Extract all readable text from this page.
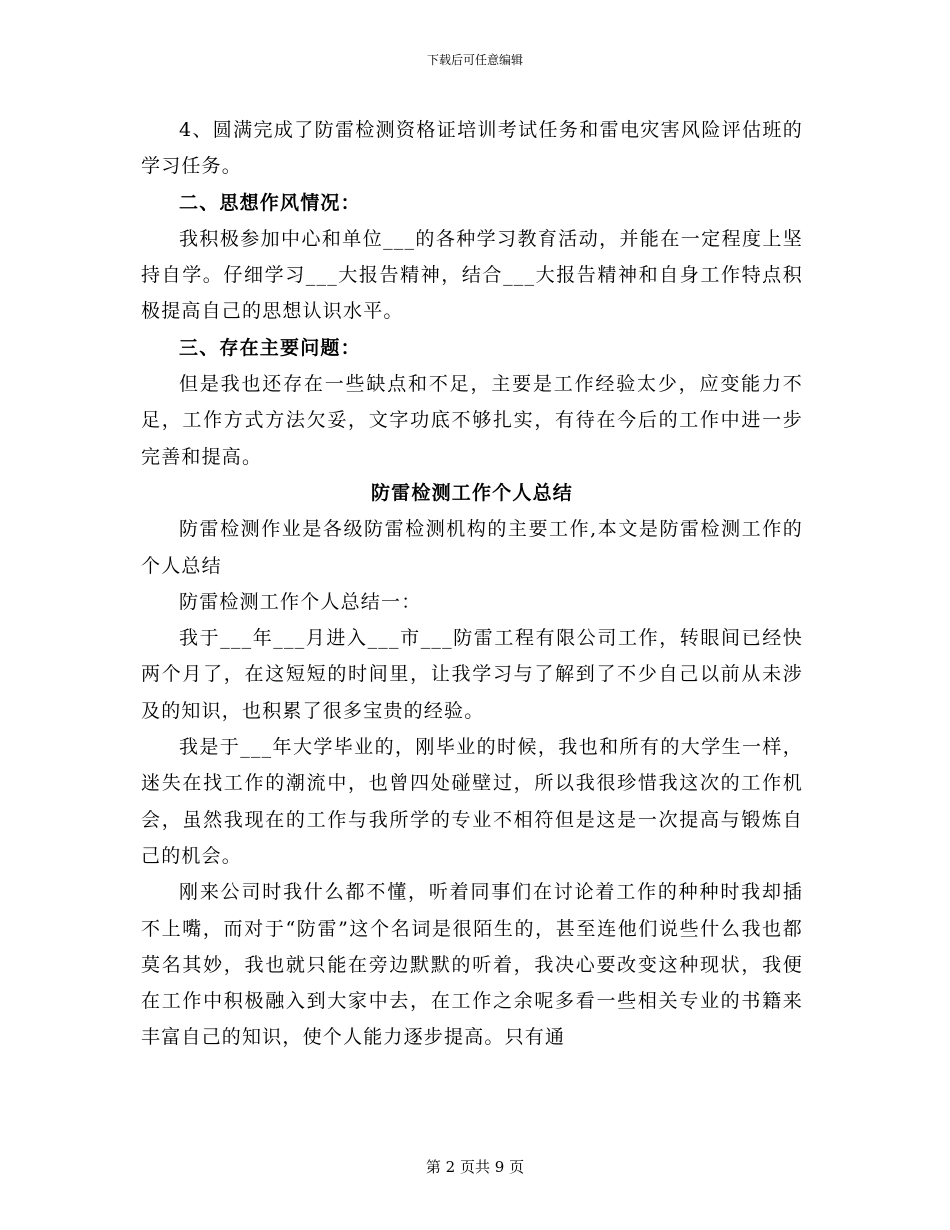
下载后可任意编辑

4、圆满完成了防雷检测资格证培训考试任务和雷电灾害风险评估班的学习任务。

二、思想作风情况：

我积极参加中心和单位___的各种学习教育活动，并能在一定程度上坚持自学。仔细学习___大报告精神，结合___大报告精神和自身工作特点积极提高自己的思想认识水平。

三、存在主要问题：

但是我也还存在一些缺点和不足，主要是工作经验太少，应变能力不足，工作方式方法欠妥，文字功底不够扎实，有待在今后的工作中进一步完善和提高。

防雷检测工作个人总结

防雷检测作业是各级防雷检测机构的主要工作,本文是防雷检测工作的个人总结

防雷检测工作个人总结一：

我于___年___月进入___市___防雷工程有限公司工作，转眼间已经快两个月了，在这短短的时间里，让我学习与了解到了不少自己以前从未涉及的知识，也积累了很多宝贵的经验。

我是于___年大学毕业的，刚毕业的时候，我也和所有的大学生一样，迷失在找工作的潮流中，也曾四处碰壁过，所以我很珍惜我这次的工作机会，虽然我现在的工作与我所学的专业不相符但是这是一次提高与锻炼自己的机会。

刚来公司时我什么都不懂，听着同事们在讨论着工作的种种时我却插不上嘴，而对于“防雷”这个名词是很陌生的，甚至连他们说些什么我也都莫名其妙，我也就只能在旁边默默的听着，我决心要改变这种现状，我便在工作中积极融入到大家中去，在工作之余呢多看一些相关专业的书籍来丰富自己的知识，使个人能力逐步提高。只有通

第 2 页共 9 页
